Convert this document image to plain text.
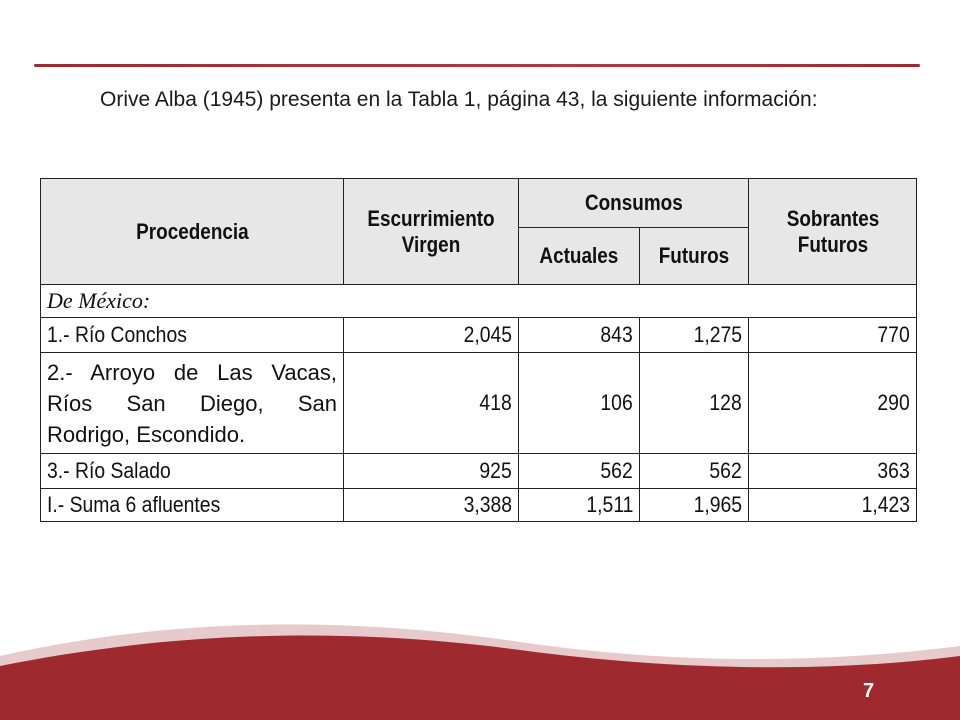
Orive Alba (1945) presenta en la Tabla 1, página 43, la siguiente información:
Procedencia	Escurrimiento Virgen	Consumos		Sobrantes Futuros
		Actuales	Futuros	
De México:				
1.- Río Conchos	2,045	843	1,275	770
2.- Arroyo de Las Vacas, Ríos San Diego, San Rodrigo, Escondido.	418	106	128	290
3.- Río Salado	925	562	562	363
I.- Suma 6 afluentes	3,388	1,511	1,965	1,423
7
